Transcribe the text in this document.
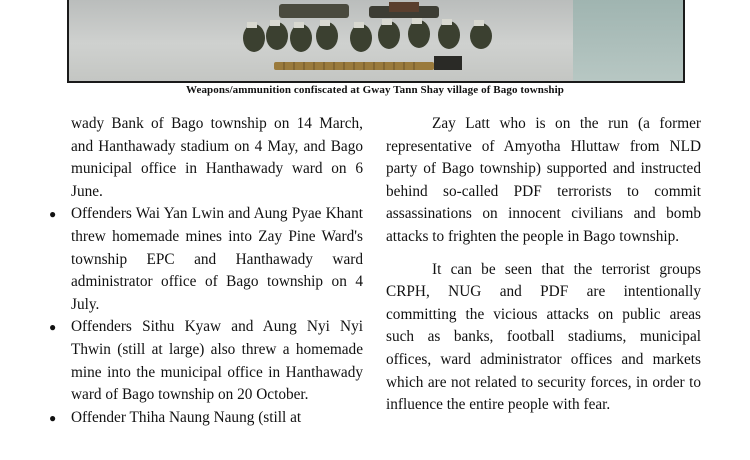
Weapons/ammunition confiscated at Gway Tann Shay village of Bago township

wady Bank of Bago township on 14 March, and Hanthawady stadium on 4 May, and Bago municipal office in Hanthawady ward on 6 June.

● Offenders Wai Yan Lwin and Aung Pyae Khant threw homemade mines into Zay Pine Ward's township EPC and Hanthawady ward administrator office of Bago township on 4 July.

● Offenders Sithu Kyaw and Aung Nyi Nyi Thwin (still at large) also threw a homemade mine into the municipal office in Hanthawady ward of Bago township on 20 October.

● Offender Thiha Naung Naung (still at

Zay Latt who is on the run (a former representative of Amyotha Hluttaw from NLD party of Bago township) supported and instructed behind so-called PDF terrorists to commit assassinations on innocent civilians and bomb attacks to frighten the people in Bago township.

It can be seen that the terrorist groups CRPH, NUG and PDF are intentionally committing the vicious attacks on public areas such as banks, football stadiums, municipal offices, ward administrator offices and markets which are not related to security forces, in order to influence the entire people with fear.
